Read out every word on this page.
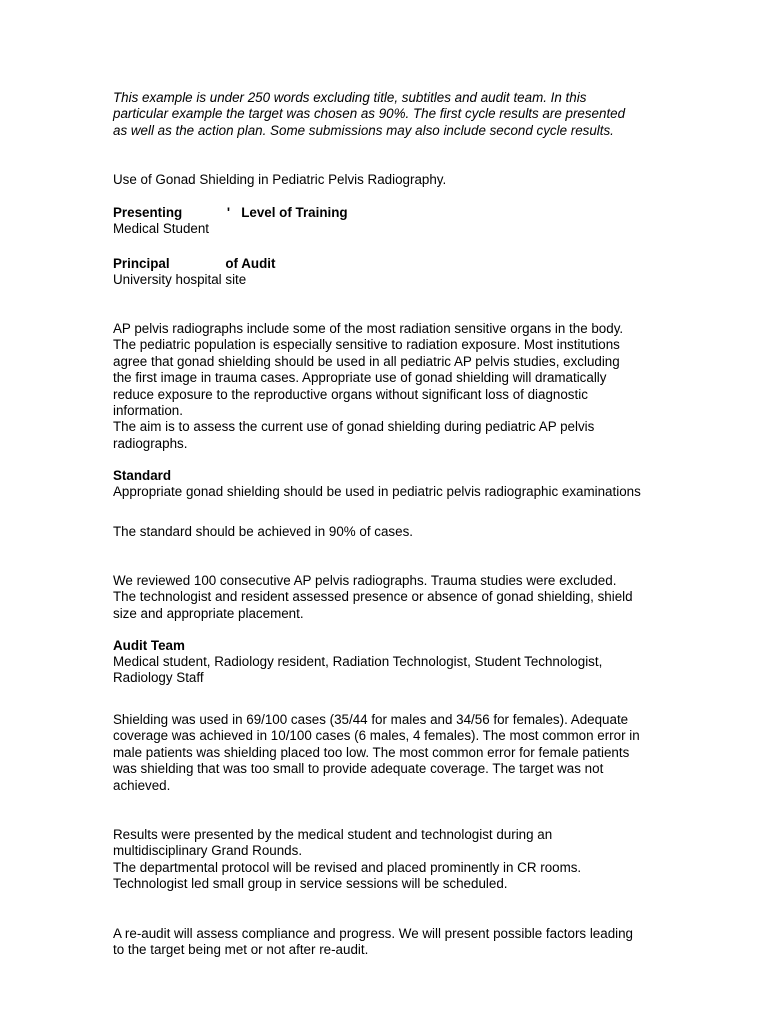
This example is under 250 words excluding title, subtitles and audit team. In this
particular example the target was chosen as 90%. The first cycle results are presented
as well as the action plan. Some submissions may also include second cycle results.
Use of Gonad Shielding in Pediatric Pelvis Radiography.
Presenting            '   Level of Training
Medical Student
Principal               of Audit
University hospital site
AP pelvis radiographs include some of the most radiation sensitive organs in the body.
The pediatric population is especially sensitive to radiation exposure. Most institutions
agree that gonad shielding should be used in all pediatric AP pelvis studies, excluding
the first image in trauma cases. Appropriate use of gonad shielding will dramatically
reduce exposure to the reproductive organs without significant loss of diagnostic
information.
The aim is to assess the current use of gonad shielding during pediatric AP pelvis
radiographs.
Standard
Appropriate gonad shielding should be used in pediatric pelvis radiographic examinations
The standard should be achieved in 90% of cases.
We reviewed 100 consecutive AP pelvis radiographs. Trauma studies were excluded.
The technologist and resident assessed presence or absence of gonad shielding, shield
size and appropriate placement.
Audit Team
Medical student, Radiology resident, Radiation Technologist, Student Technologist,
Radiology Staff
Shielding was used in 69/100 cases (35/44 for males and 34/56 for females). Adequate
coverage was achieved in 10/100 cases (6 males, 4 females). The most common error in
male patients was shielding placed too low. The most common error for female patients
was shielding that was too small to provide adequate coverage. The target was not
achieved.
Results were presented by the medical student and technologist during an
multidisciplinary Grand Rounds.
The departmental protocol will be revised and placed prominently in CR rooms.
Technologist led small group in service sessions will be scheduled.
A re-audit will assess compliance and progress. We will present possible factors leading
to the target being met or not after re-audit.
